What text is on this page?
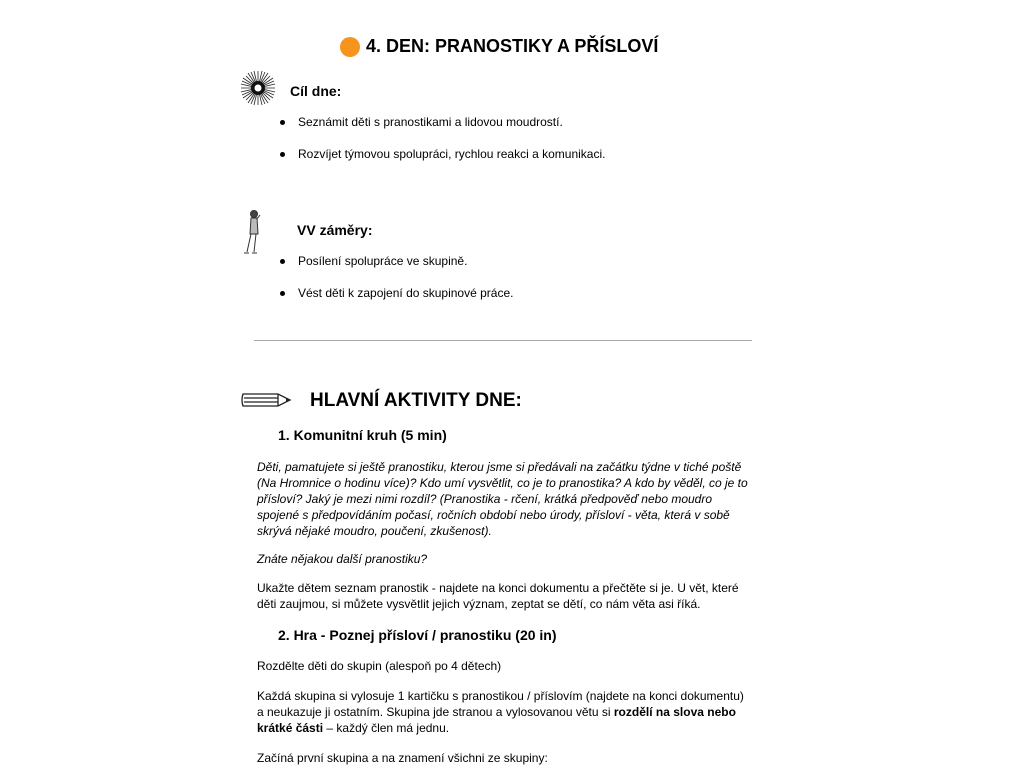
4. DEN: PRANOSTIKY A PŘÍSLOVÍ
Cíl dne:
Seznámit děti s pranostikami a lidovou moudrostí.
Rozvíjet týmovou spolupráci, rychlou reakci a komunikaci.
VV záměry:
Posílení spolupráce ve skupině.
Vést děti k zapojení do skupinové práce.
HLAVNÍ AKTIVITY DNE:
1. Komunitní kruh (5 min)
Děti, pamatujete si ještě pranostiku, kterou jsme si předávali na začátku týdne v tiché poště
(Na Hromnice o hodinu více)? Kdo umí vysvětlit, co je to pranostika? A kdo by věděl, co je to
přísloví? Jaký je mezi nimi rozdíl? (Pranostika - rčení, krátká předpověď nebo moudro
spojené s předpovídáním počasí, ročních období nebo úrody, přísloví - věta, která v sobě
skrývá nějaké moudro, poučení, zkušenost).
Znáte nějakou další pranostiku?
Ukažte dětem seznam pranostik - najdete na konci dokumentu a přečtěte si je. U vět, které
děti zaujmou, si můžete vysvětlit jejich význam, zeptat se dětí, co nám věta asi říká.
2. Hra - Poznej přísloví / pranostiku (20 in)
Rozdělte děti do skupin (alespoň po 4 dětech)
Každá skupina si vylosuje 1 kartičku s pranostikou / příslovím (najdete na konci dokumentu)
a neukazuje ji ostatním. Skupina jde stranou a vylosovanou větu si rozdělí na slova nebo
krátké části – každý člen má jednu.
Začíná první skupina a na znamení všichni ze skupiny:
